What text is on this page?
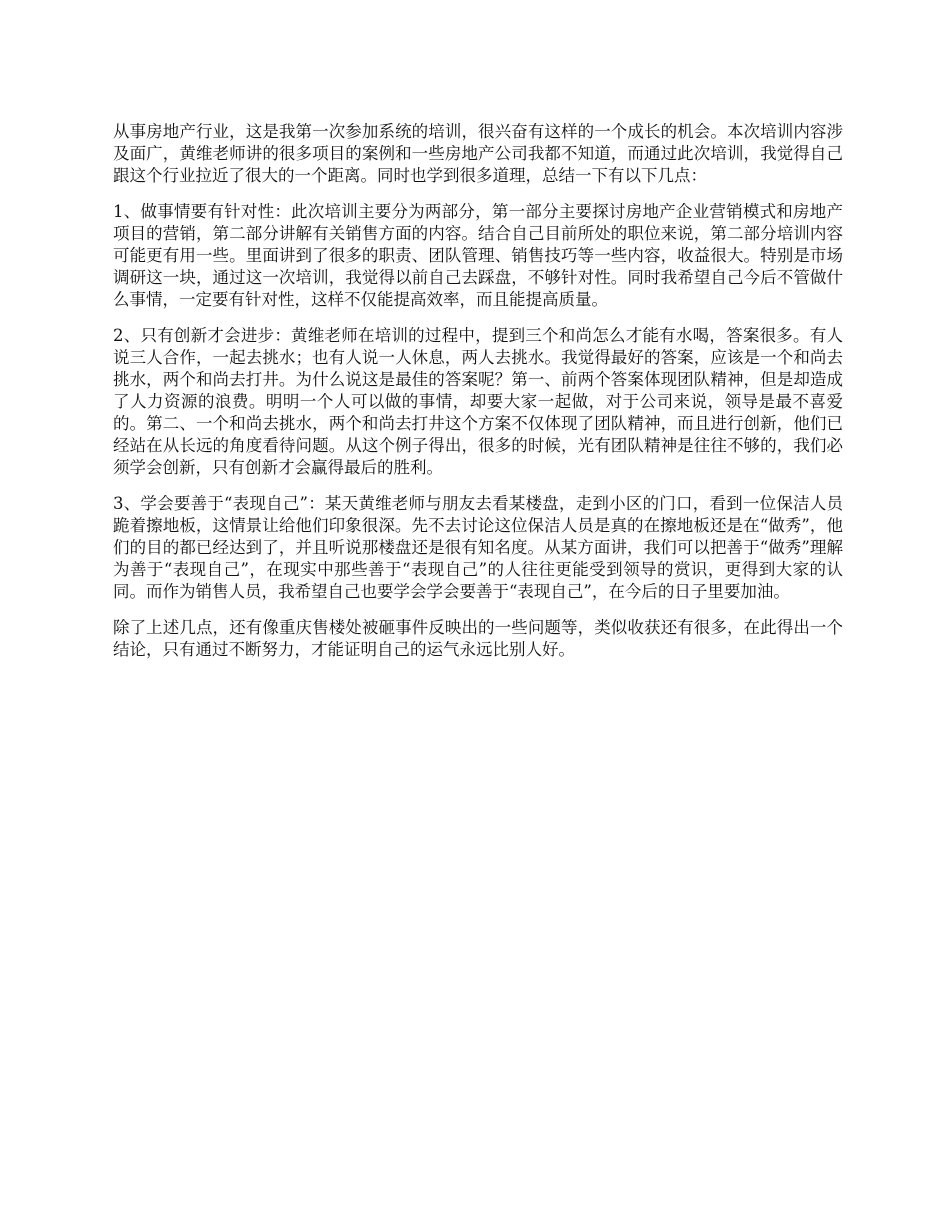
从事房地产行业，这是我第一次参加系统的培训，很兴奋有这样的一个成长的机会。本次培训内容涉及面广，黄维老师讲的很多项目的案例和一些房地产公司我都不知道，而通过此次培训，我觉得自己跟这个行业拉近了很大的一个距离。同时也学到很多道理，总结一下有以下几点：

1、做事情要有针对性：此次培训主要分为两部分，第一部分主要探讨房地产企业营销模式和房地产项目的营销，第二部分讲解有关销售方面的内容。结合自己目前所处的职位来说，第二部分培训内容可能更有用一些。里面讲到了很多的职责、团队管理、销售技巧等一些内容，收益很大。特别是市场调研这一块，通过这一次培训，我觉得以前自己去踩盘，不够针对性。同时我希望自己今后不管做什么事情，一定要有针对性，这样不仅能提高效率，而且能提高质量。

2、只有创新才会进步：黄维老师在培训的过程中，提到三个和尚怎么才能有水喝，答案很多。有人说三人合作，一起去挑水；也有人说一人休息，两人去挑水。我觉得最好的答案，应该是一个和尚去挑水，两个和尚去打井。为什么说这是最佳的答案呢？第一、前两个答案体现团队精神，但是却造成了人力资源的浪费。明明一个人可以做的事情，却要大家一起做，对于公司来说，领导是最不喜爱的。第二、一个和尚去挑水，两个和尚去打井这个方案不仅体现了团队精神，而且进行创新，他们已经站在从长远的角度看待问题。从这个例子得出，很多的时候，光有团队精神是往往不够的，我们必须学会创新，只有创新才会赢得最后的胜利。

3、学会要善于“表现自己”：某天黄维老师与朋友去看某楼盘，走到小区的门口，看到一位保洁人员跪着擦地板，这情景让给他们印象很深。先不去讨论这位保洁人员是真的在擦地板还是在“做秀”，他们的目的都已经达到了，并且听说那楼盘还是很有知名度。从某方面讲，我们可以把善于“做秀”理解为善于“表现自己”，在现实中那些善于“表现自己”的人往往更能受到领导的赏识，更得到大家的认同。而作为销售人员，我希望自己也要学会学会要善于“表现自己”，在今后的日子里要加油。

除了上述几点，还有像重庆售楼处被砸事件反映出的一些问题等，类似收获还有很多，在此得出一个结论，只有通过不断努力，才能证明自己的运气永远比别人好。
